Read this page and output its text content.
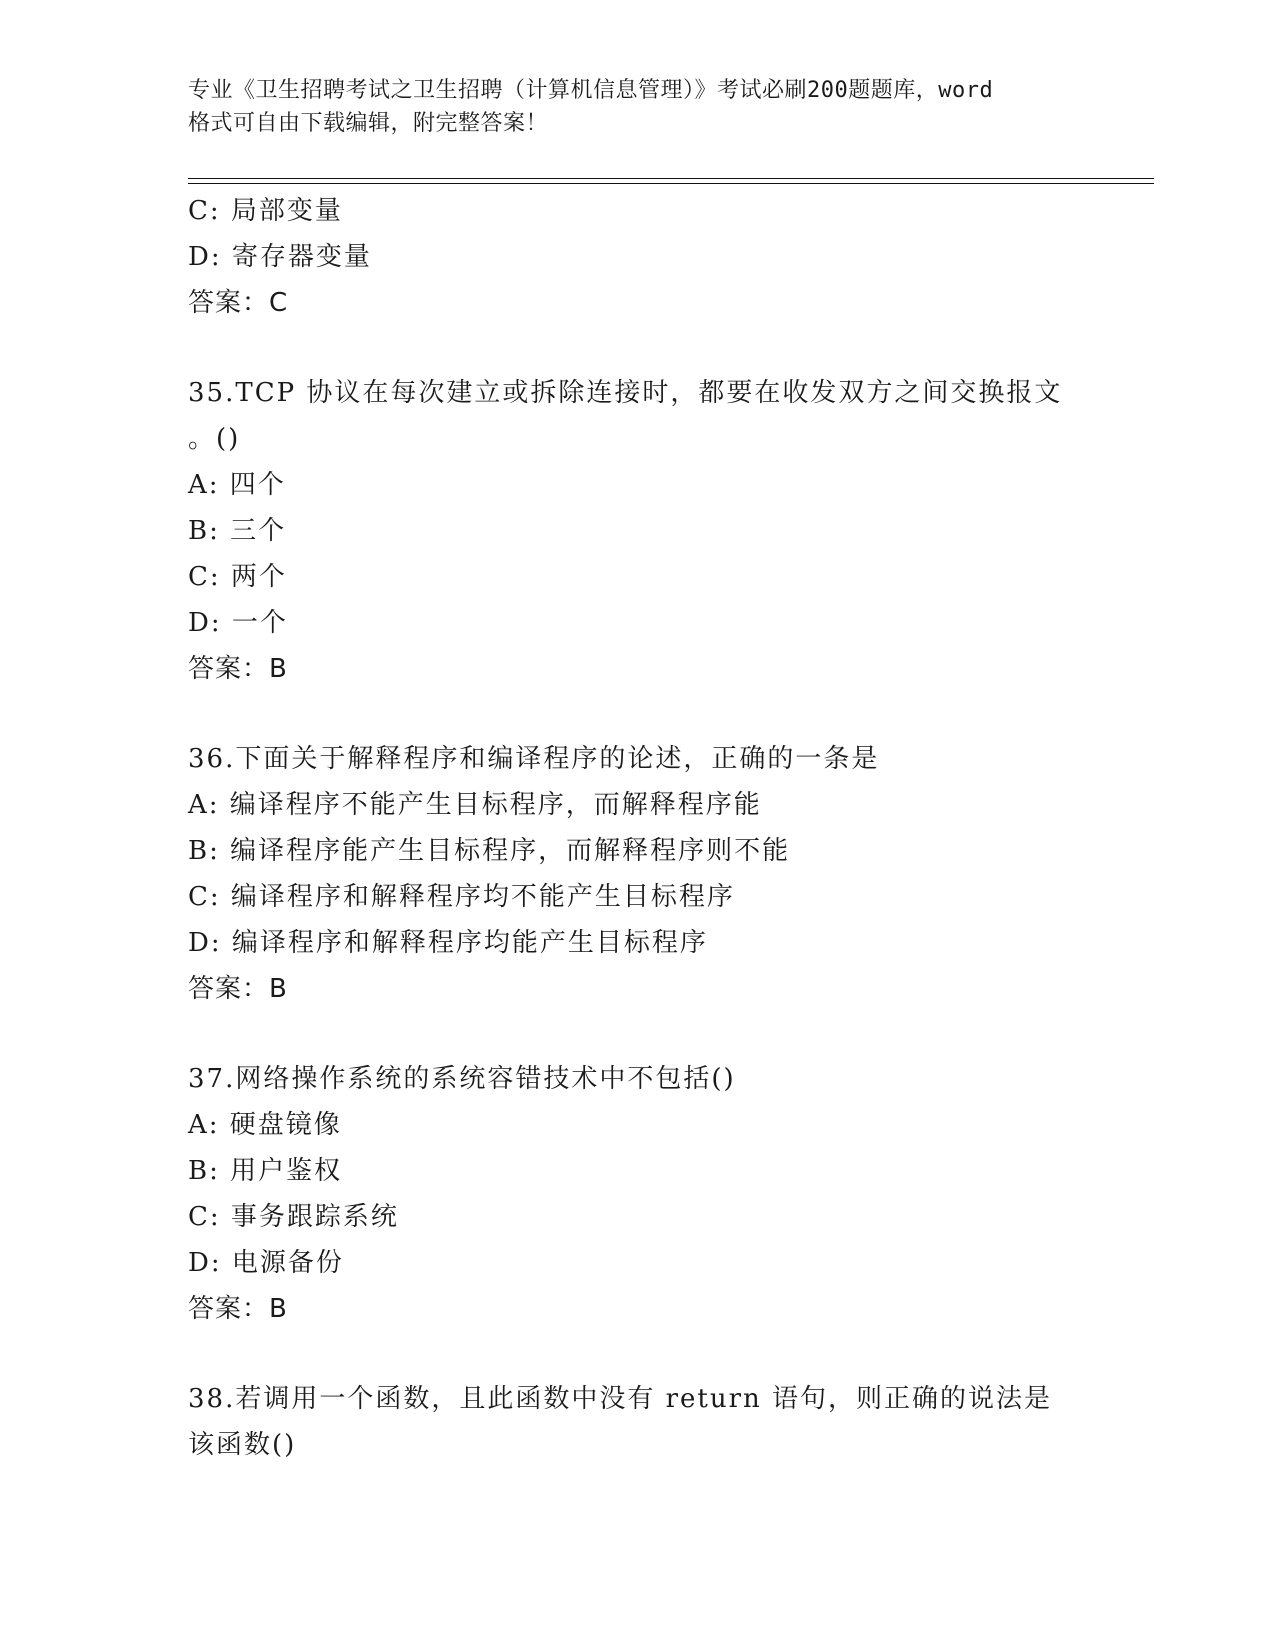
专业《卫生招聘考试之卫生招聘（计算机信息管理）》考试必刷200题题库，word
格式可自由下载编辑，附完整答案！
C: 局部变量
D: 寄存器变量
答案：C
35.TCP 协议在每次建立或拆除连接时，都要在收发双方之间交换报文
。()
A: 四个
B: 三个
C: 两个
D: 一个
答案：B
36.下面关于解释程序和编译程序的论述，正确的一条是
A: 编译程序不能产生目标程序，而解释程序能
B: 编译程序能产生目标程序，而解释程序则不能
C: 编译程序和解释程序均不能产生目标程序
D: 编译程序和解释程序均能产生目标程序
答案：B
37.网络操作系统的系统容错技术中不包括()
A: 硬盘镜像
B: 用户鉴权
C: 事务跟踪系统
D: 电源备份
答案：B
38.若调用一个函数，且此函数中没有 return 语句，则正确的说法是
该函数()
